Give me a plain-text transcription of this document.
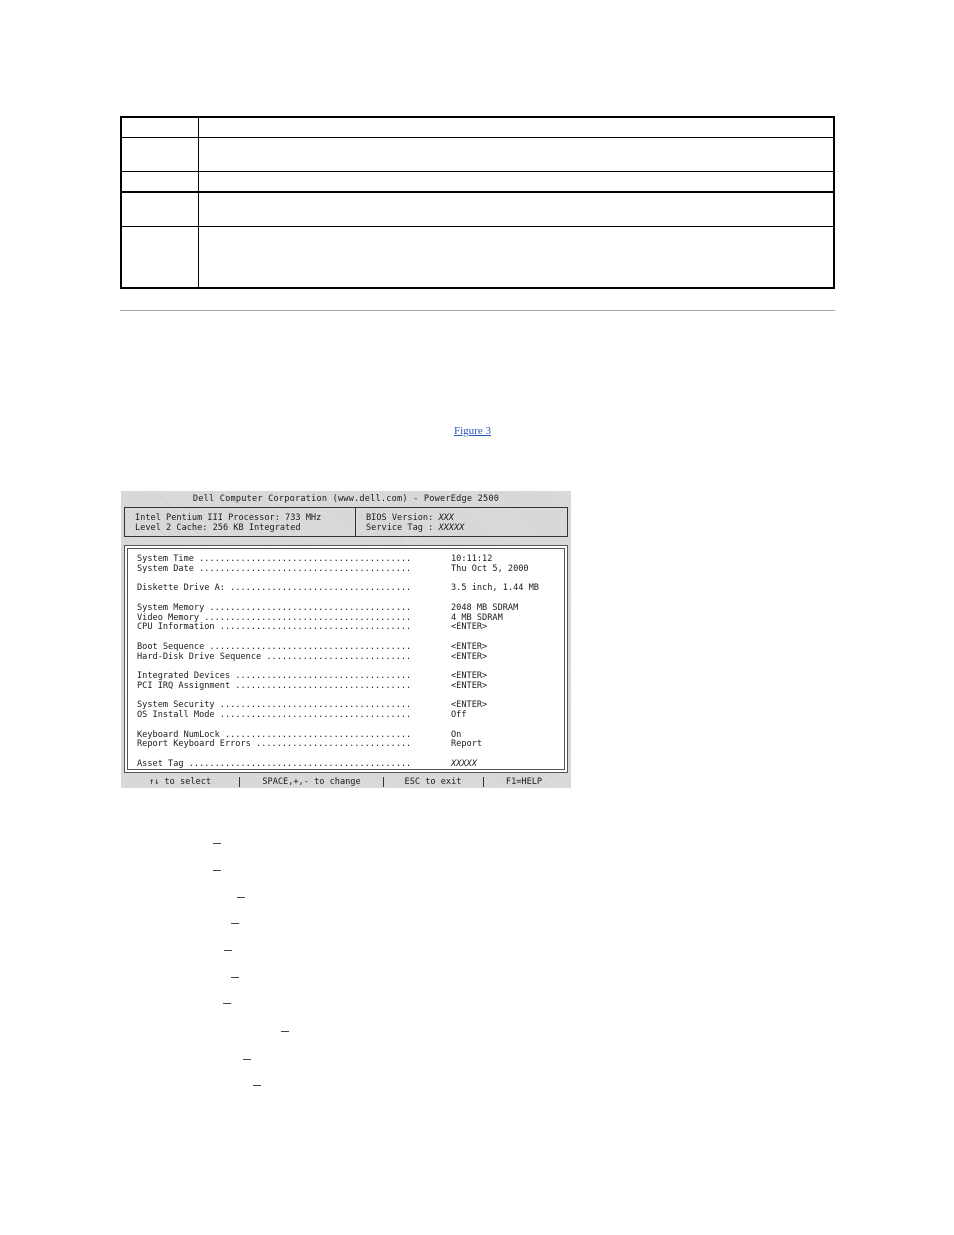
Figure 3
Dell Computer Corporation (www.dell.com) - PowerEdge 2500
Intel Pentium III Processor: 733 MHz
Level 2 Cache: 256 KB Integrated
BIOS Version: XXX
Service Tag : XXXXX
System Time .........................................	10:11:12
System Date .........................................	Thu Oct 5, 2000
Diskette Drive A: ...................................	3.5 inch, 1.44 MB
System Memory .......................................	2048 MB SDRAM
Video Memory ........................................	4 MB SDRAM
CPU Information .....................................	<ENTER>
Boot Sequence .......................................	<ENTER>
Hard-Disk Drive Sequence ............................	<ENTER>
Integrated Devices ..................................	<ENTER>
PCI IRQ Assignment ..................................	<ENTER>
System Security .....................................	<ENTER>
OS Install Mode .....................................	Off
Keyboard NumLock ....................................	On
Report Keyboard Errors ..............................	Report
Asset Tag ...........................................	XXXXX

↑↓ to select

	SPACE,+,- to change

	ESC to exit

	F1=HELP
